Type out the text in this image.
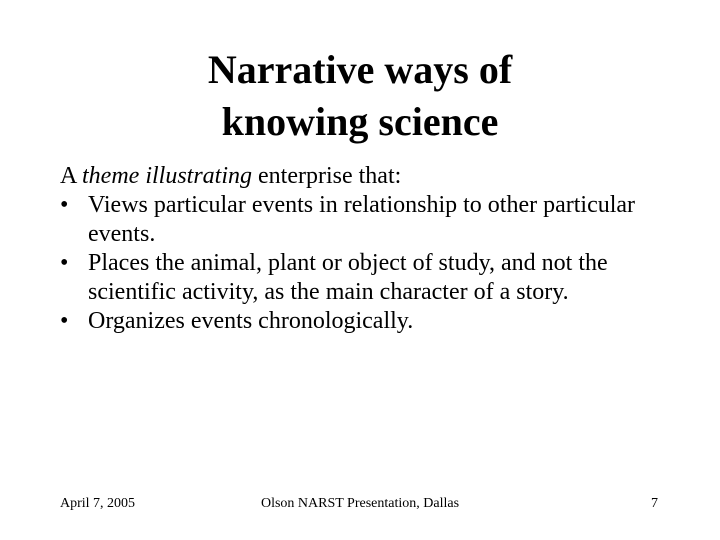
Narrative ways of
knowing science

A theme illustrating enterprise that:

• Views particular events in relationship to other particular events.
• Places the animal, plant or object of study, and not the scientific activity, as the main character of a story.
• Organizes events chronologically.
Olson NARST Presentation, Dallas
April 7, 2005	7
